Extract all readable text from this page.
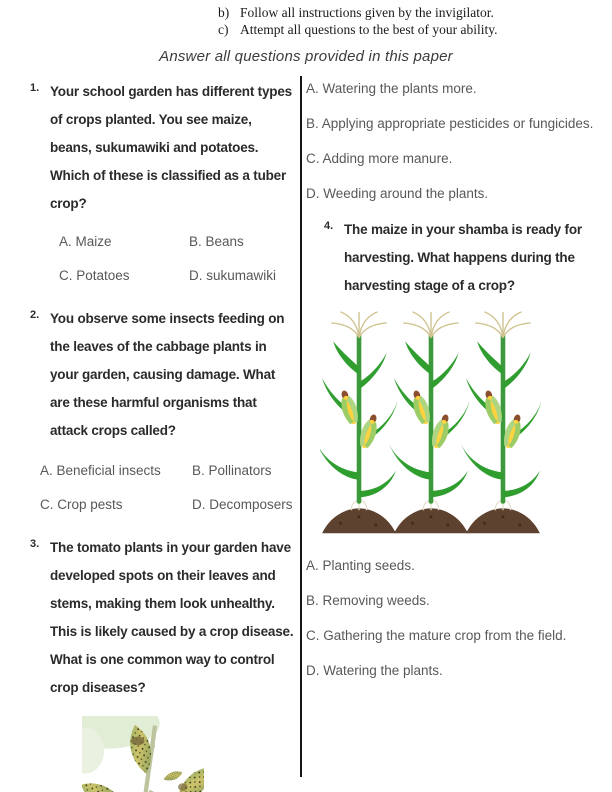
b) Follow all instructions given by the invigilator.
c) Attempt all questions to the best of your ability.
Answer all questions provided in this paper
1. Your school garden has different types of crops planted. You see maize, beans, sukumawiki and potatoes. Which of these is classified as a tuber crop?
A. Maize	B. Beans
C. Potatoes	D. sukumawiki
2. You observe some insects feeding on the leaves of the cabbage plants in your garden, causing damage. What are these harmful organisms that attack crops called?
A. Beneficial insects	B. Pollinators
C. Crop pests	D. Decomposers
3. The tomato plants in your garden have developed spots on their leaves and stems, making them look unhealthy. This is likely caused by a crop disease. What is one common way to control crop diseases?
A. Watering the plants more.
B. Applying appropriate pesticides or fungicides.
C. Adding more manure.
D. Weeding around the plants.
4. The maize in your shamba is ready for harvesting. What happens during the harvesting stage of a crop?
A. Planting seeds.
B. Removing weeds.
C. Gathering the mature crop from the field.
D. Watering the plants.
